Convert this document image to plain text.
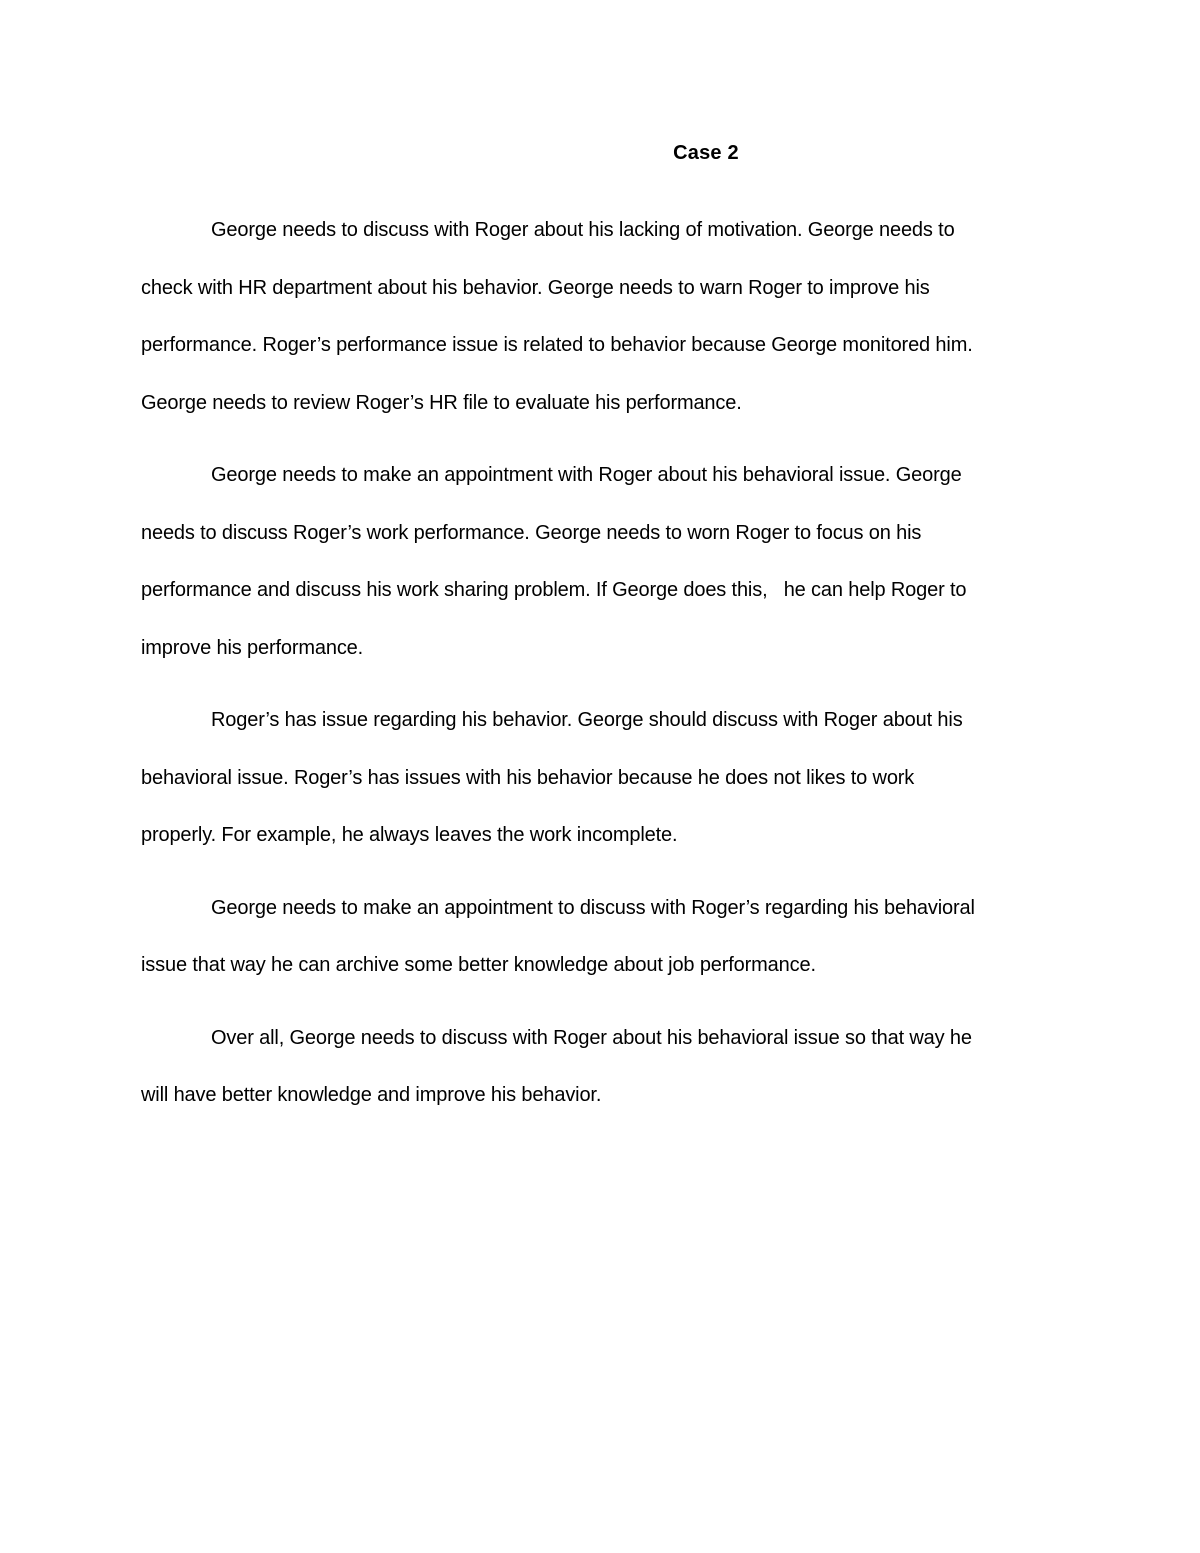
Case 2

George needs to discuss with Roger about his lacking of motivation. George needs to
check with HR department about his behavior. George needs to warn Roger to improve his
performance. Roger’s performance issue is related to behavior because George monitored him.
George needs to review Roger’s HR file to evaluate his performance.

George needs to make an appointment with Roger about his behavioral issue. George
needs to discuss Roger’s work performance. George needs to worn Roger to focus on his
performance and discuss his work sharing problem. If George does this,   he can help Roger to
improve his performance.

Roger’s has issue regarding his behavior. George should discuss with Roger about his
behavioral issue. Roger’s has issues with his behavior because he does not likes to work
properly. For example, he always leaves the work incomplete.

George needs to make an appointment to discuss with Roger’s regarding his behavioral
issue that way he can archive some better knowledge about job performance.

Over all, George needs to discuss with Roger about his behavioral issue so that way he
will have better knowledge and improve his behavior.
